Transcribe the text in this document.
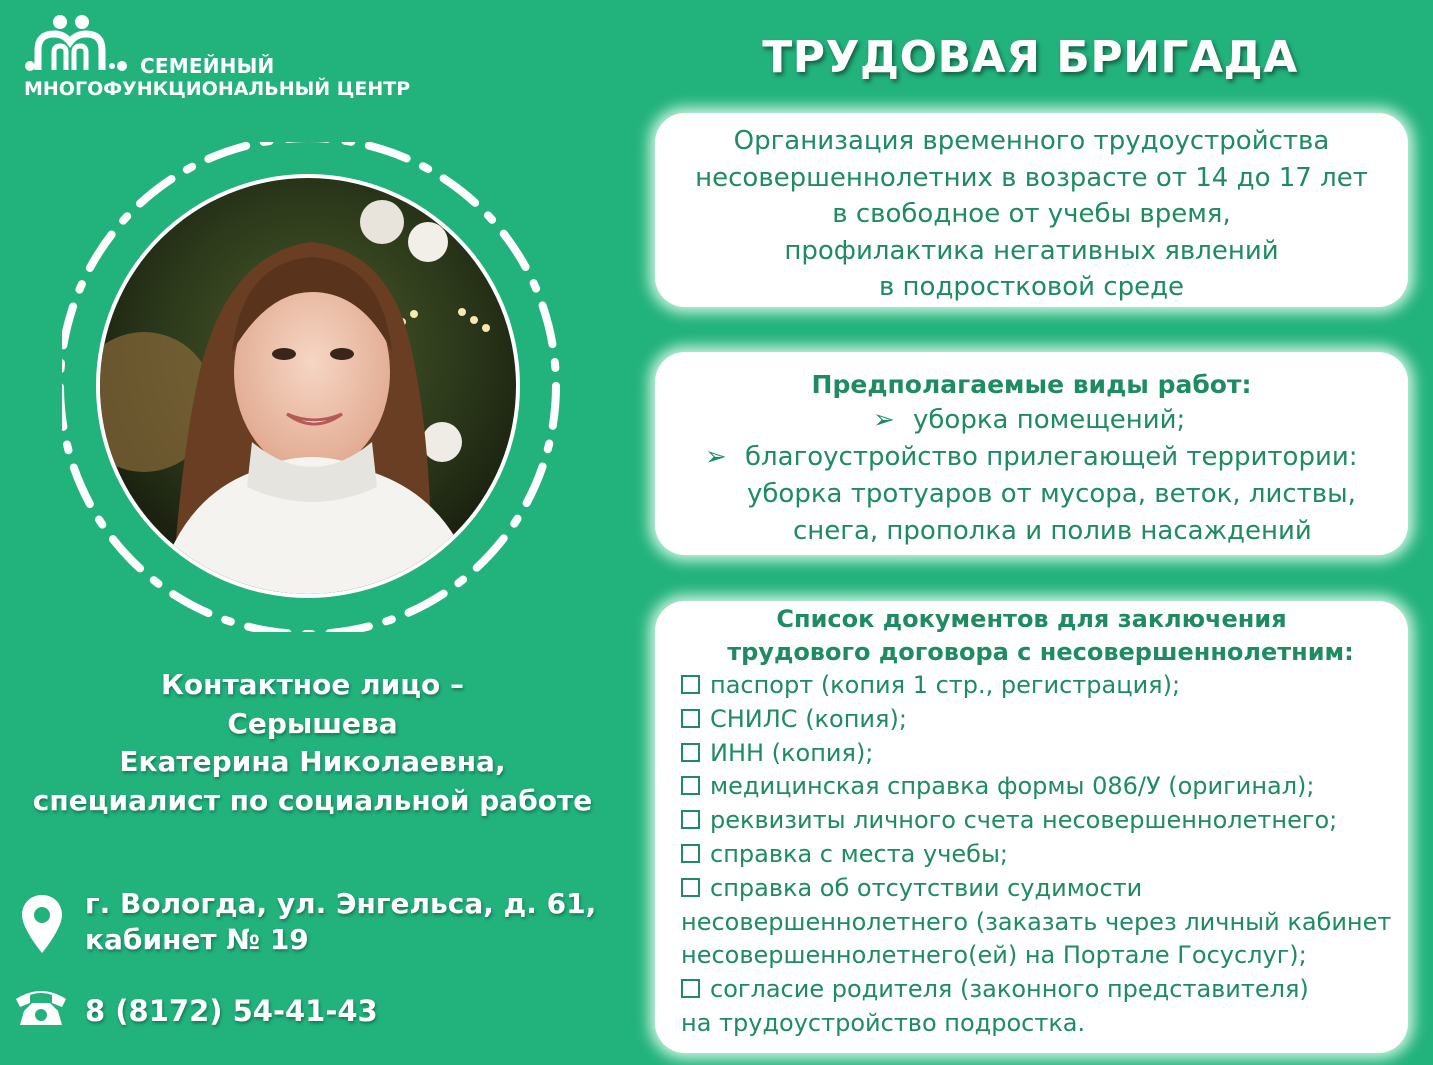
СЕМЕЙНЫЙ
МНОГОФУНКЦИОНАЛЬНЫЙ ЦЕНТР
ТРУДОВАЯ БРИГАДА
Организация временного трудоустройства
несовершеннолетних в возрасте от 14 до 17 лет
в свободное от учебы время,
профилактика негативных явлений
в подростковой среде
Предполагаемые виды работ:
➢ уборка помещений;
➢ благоустройство прилегающей территории:
уборка тротуаров от мусора, веток, листвы,
снега, прополка и полив насаждений
Список документов для заключения
трудового договора с несовершеннолетним:
паспорт (копия 1 стр., регистрация);
СНИЛС (копия);
ИНН (копия);
медицинская справка формы 086/У (оригинал);
реквизиты личного счета несовершеннолетнего;
справка с места учебы;
справка об отсутствии судимости
несовершеннолетнего (заказать через личный кабинет
несовершеннолетнего(ей) на Портале Госуслуг);
согласие родителя (законного представителя)
на трудоустройство подростка.
Контактное лицо –
Серышева
Екатерина Николаевна,
специалист по социальной работе
г. Вологда, ул. Энгельса, д. 61,
кабинет № 19
8 (8172) 54-41-43
